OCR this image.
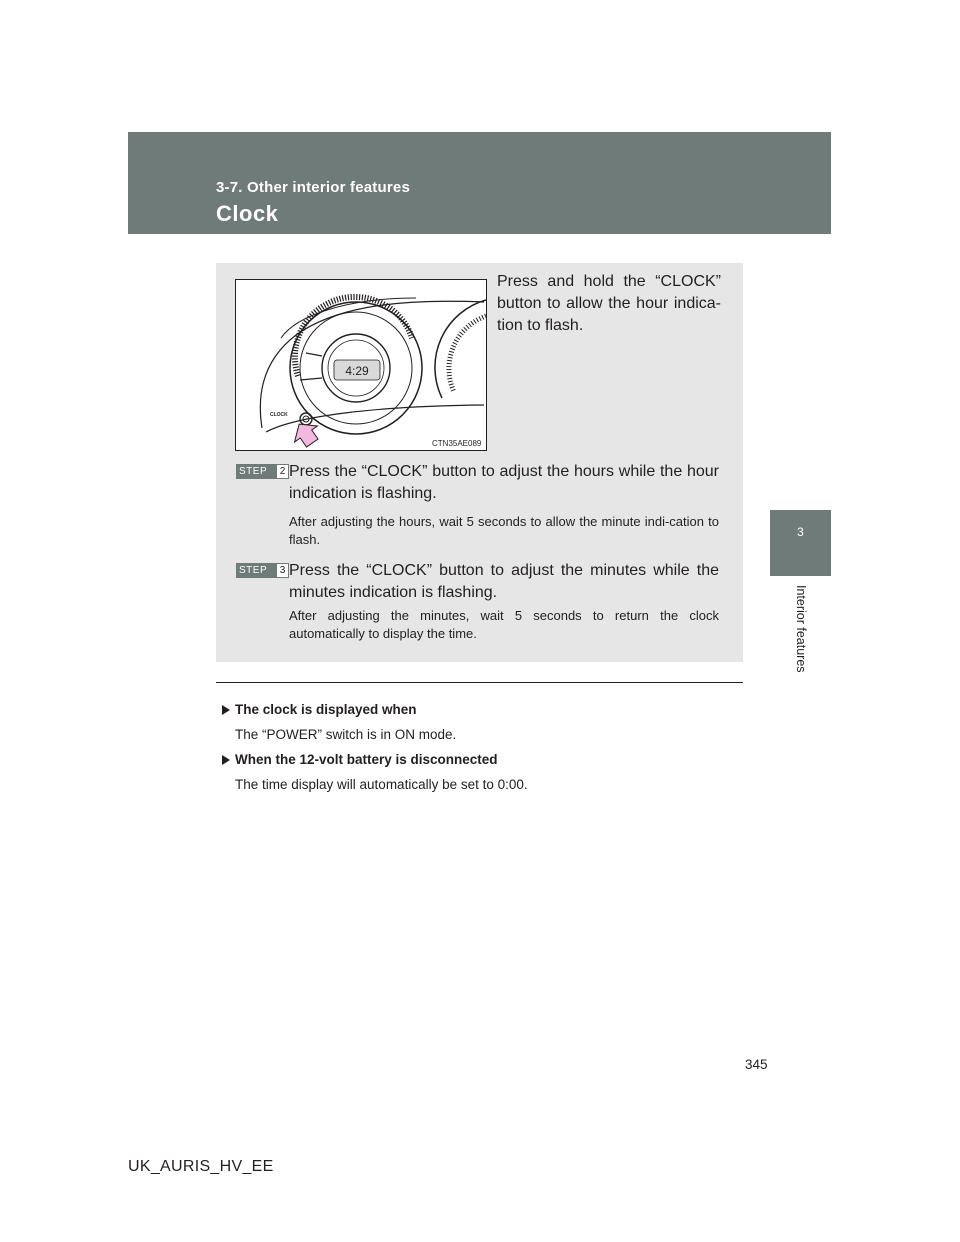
3-7. Other interior features
Clock
3
Interior features
4:29
CLOCK
CTN35AE089
Press and hold the “CLOCK” button to allow the hour indica-tion to flash.
STEP	2 Press the “CLOCK” button to adjust the hours while the hour indication is flashing.
After adjusting the hours, wait 5 seconds to allow the minute indi-cation to flash.
STEP	3 Press the “CLOCK” button to adjust the minutes while the minutes indication is flashing.
After adjusting the minutes, wait 5 seconds to return the clock automatically to display the time.
The clock is displayed when
The “POWER” switch is in ON mode.
When the 12-volt battery is disconnected
The time display will automatically be set to 0:00.
345
UK_AURIS_HV_EE
